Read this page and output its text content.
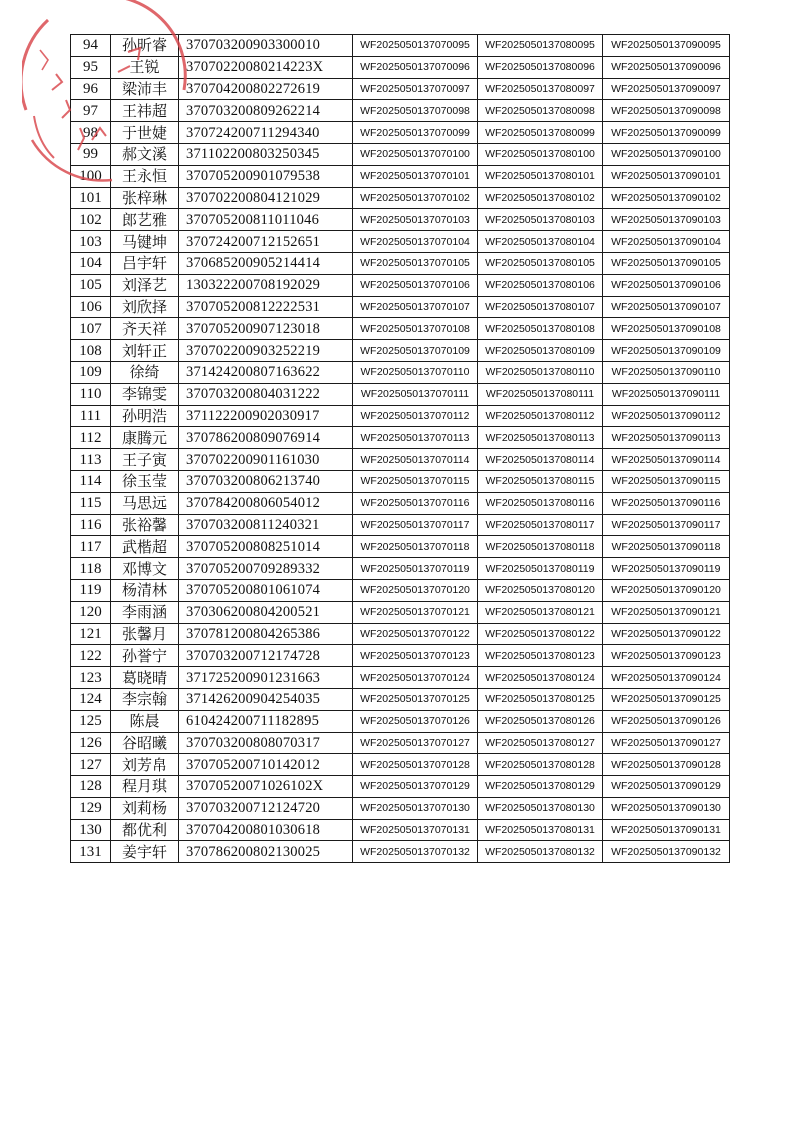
94	孙昕睿	370703200903300010	WF2025050137070095	WF2025050137080095	WF2025050137090095
95	王锐	37070220080214223X	WF2025050137070096	WF2025050137080096	WF2025050137090096
96	梁沛丰	370704200802272619	WF2025050137070097	WF2025050137080097	WF2025050137090097
97	王祎超	370703200809262214	WF2025050137070098	WF2025050137080098	WF2025050137090098
98	于世婕	370724200711294340	WF2025050137070099	WF2025050137080099	WF2025050137090099
99	郝文溪	371102200803250345	WF2025050137070100	WF2025050137080100	WF2025050137090100
100	王永恒	370705200901079538	WF2025050137070101	WF2025050137080101	WF2025050137090101
101	张梓琳	370702200804121029	WF2025050137070102	WF2025050137080102	WF2025050137090102
102	郎艺雅	370705200811011046	WF2025050137070103	WF2025050137080103	WF2025050137090103
103	马键坤	370724200712152651	WF2025050137070104	WF2025050137080104	WF2025050137090104
104	吕宇轩	370685200905214414	WF2025050137070105	WF2025050137080105	WF2025050137090105
105	刘泽艺	130322200708192029	WF2025050137070106	WF2025050137080106	WF2025050137090106
106	刘欣择	370705200812222531	WF2025050137070107	WF2025050137080107	WF2025050137090107
107	齐天祥	370705200907123018	WF2025050137070108	WF2025050137080108	WF2025050137090108
108	刘轩正	370702200903252219	WF2025050137070109	WF2025050137080109	WF2025050137090109
109	徐绮	371424200807163622	WF2025050137070110	WF2025050137080110	WF2025050137090110
110	李锦雯	370703200804031222	WF2025050137070111	WF2025050137080111	WF2025050137090111
111	孙明浩	371122200902030917	WF2025050137070112	WF2025050137080112	WF2025050137090112
112	康腾元	370786200809076914	WF2025050137070113	WF2025050137080113	WF2025050137090113
113	王子寅	370702200901161030	WF2025050137070114	WF2025050137080114	WF2025050137090114
114	徐玉莹	370703200806213740	WF2025050137070115	WF2025050137080115	WF2025050137090115
115	马思远	370784200806054012	WF2025050137070116	WF2025050137080116	WF2025050137090116
116	张裕馨	370703200811240321	WF2025050137070117	WF2025050137080117	WF2025050137090117
117	武楷超	370705200808251014	WF2025050137070118	WF2025050137080118	WF2025050137090118
118	邓博文	370705200709289332	WF2025050137070119	WF2025050137080119	WF2025050137090119
119	杨清林	370705200801061074	WF2025050137070120	WF2025050137080120	WF2025050137090120
120	李雨涵	370306200804200521	WF2025050137070121	WF2025050137080121	WF2025050137090121
121	张馨月	370781200804265386	WF2025050137070122	WF2025050137080122	WF2025050137090122
122	孙誉宁	370703200712174728	WF2025050137070123	WF2025050137080123	WF2025050137090123
123	葛晓晴	371725200901231663	WF2025050137070124	WF2025050137080124	WF2025050137090124
124	李宗翰	371426200904254035	WF2025050137070125	WF2025050137080125	WF2025050137090125
125	陈晨	610424200711182895	WF2025050137070126	WF2025050137080126	WF2025050137090126
126	谷昭曦	370703200808070317	WF2025050137070127	WF2025050137080127	WF2025050137090127
127	刘芳帛	370705200710142012	WF2025050137070128	WF2025050137080128	WF2025050137090128
128	程月琪	37070520071026102X	WF2025050137070129	WF2025050137080129	WF2025050137090129
129	刘莉杨	370703200712124720	WF2025050137070130	WF2025050137080130	WF2025050137090130
130	都优利	370704200801030618	WF2025050137070131	WF2025050137080131	WF2025050137090131
131	姜宇轩	370786200802130025	WF2025050137070132	WF2025050137080132	WF2025050137090132
